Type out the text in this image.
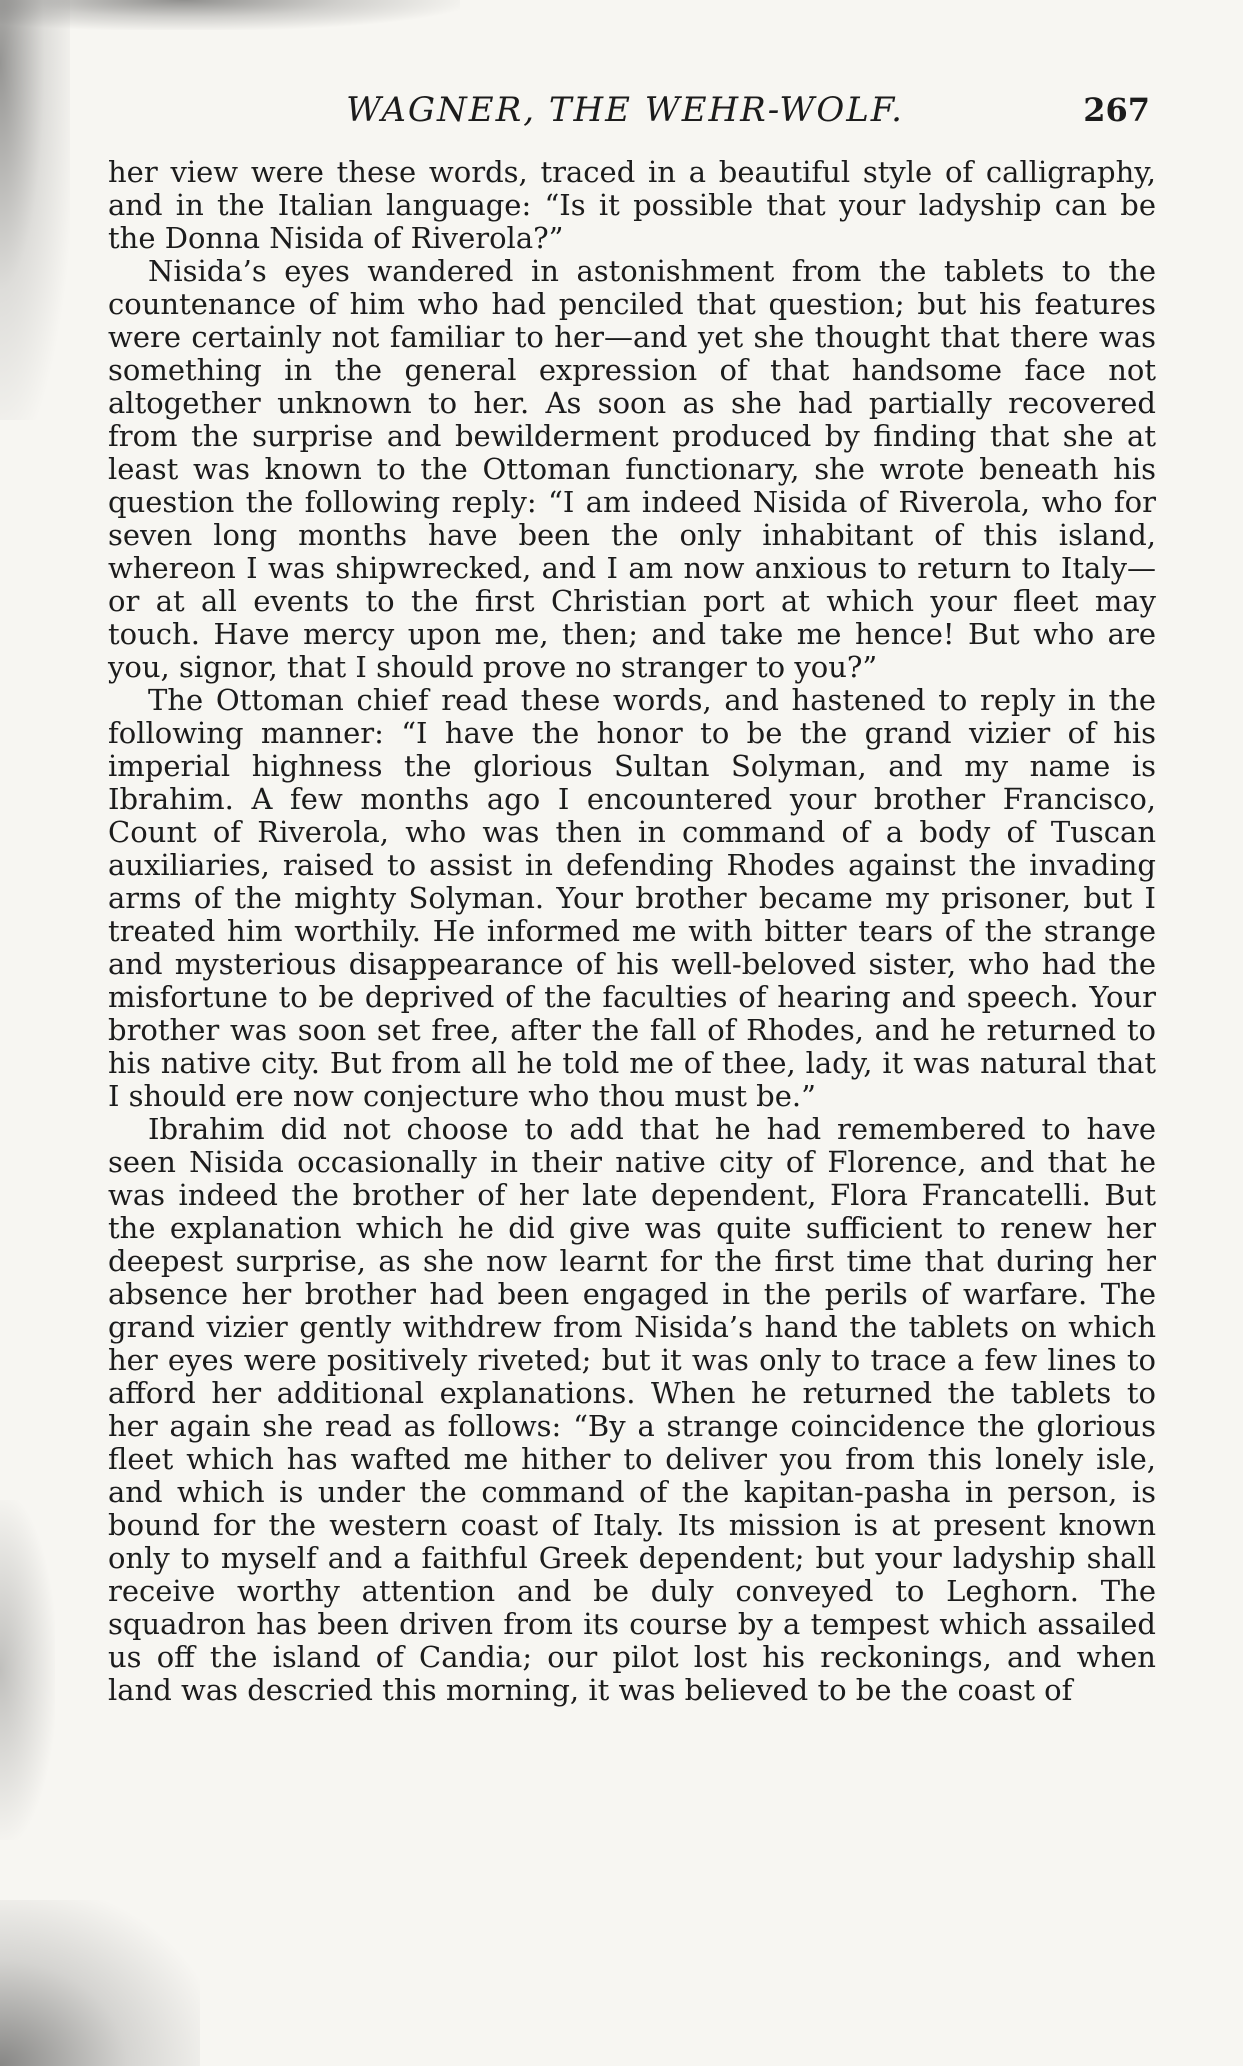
WAGNER, THE WEHR-WOLF.	267

her view were these words, traced in a beautiful style of calligraphy, and in the Italian language: “Is it possible that your ladyship can be the Donna Nisida of Riverola?”

Nisida’s eyes wandered in astonishment from the tablets to the countenance of him who had penciled that question; but his features were certainly not familiar to her—and yet she thought that there was something in the general expression of that handsome face not altogether unknown to her. As soon as she had partially recovered from the surprise and bewilderment produced by finding that she at least was known to the Ottoman functionary, she wrote beneath his question the following reply: “I am indeed Nisida of Riverola, who for seven long months have been the only inhabitant of this island, whereon I was shipwrecked, and I am now anxious to return to Italy—or at all events to the first Christian port at which your fleet may touch. Have mercy upon me, then; and take me hence! But who are you, signor, that I should prove no stranger to you?”

The Ottoman chief read these words, and hastened to reply in the following manner: “I have the honor to be the grand vizier of his imperial highness the glorious Sultan Solyman, and my name is Ibrahim. A few months ago I encountered your brother Francisco, Count of Riverola, who was then in command of a body of Tuscan auxiliaries, raised to assist in defending Rhodes against the invading arms of the mighty Solyman. Your brother became my prisoner, but I treated him worthily. He informed me with bitter tears of the strange and mysterious disappearance of his well-beloved sister, who had the misfortune to be deprived of the faculties of hearing and speech. Your brother was soon set free, after the fall of Rhodes, and he returned to his native city. But from all he told me of thee, lady, it was natural that I should ere now conjecture who thou must be.”

Ibrahim did not choose to add that he had remembered to have seen Nisida occasionally in their native city of Florence, and that he was indeed the brother of her late dependent, Flora Francatelli. But the explanation which he did give was quite sufficient to renew her deepest surprise, as she now learnt for the first time that during her absence her brother had been engaged in the perils of warfare. The grand vizier gently withdrew from Nisida’s hand the tablets on which her eyes were positively riveted; but it was only to trace a few lines to afford her additional explanations. When he returned the tablets to her again she read as follows: “By a strange coincidence the glorious fleet which has wafted me hither to deliver you from this lonely isle, and which is under the command of the kapitan-pasha in person, is bound for the western coast of Italy. Its mission is at present known only to myself and a faithful Greek dependent; but your ladyship shall receive worthy attention and be duly conveyed to Leghorn. The squadron has been driven from its course by a tempest which assailed us off the island of Candia; our pilot lost his reckonings, and when land was descried this morning, it was believed to be the coast of
